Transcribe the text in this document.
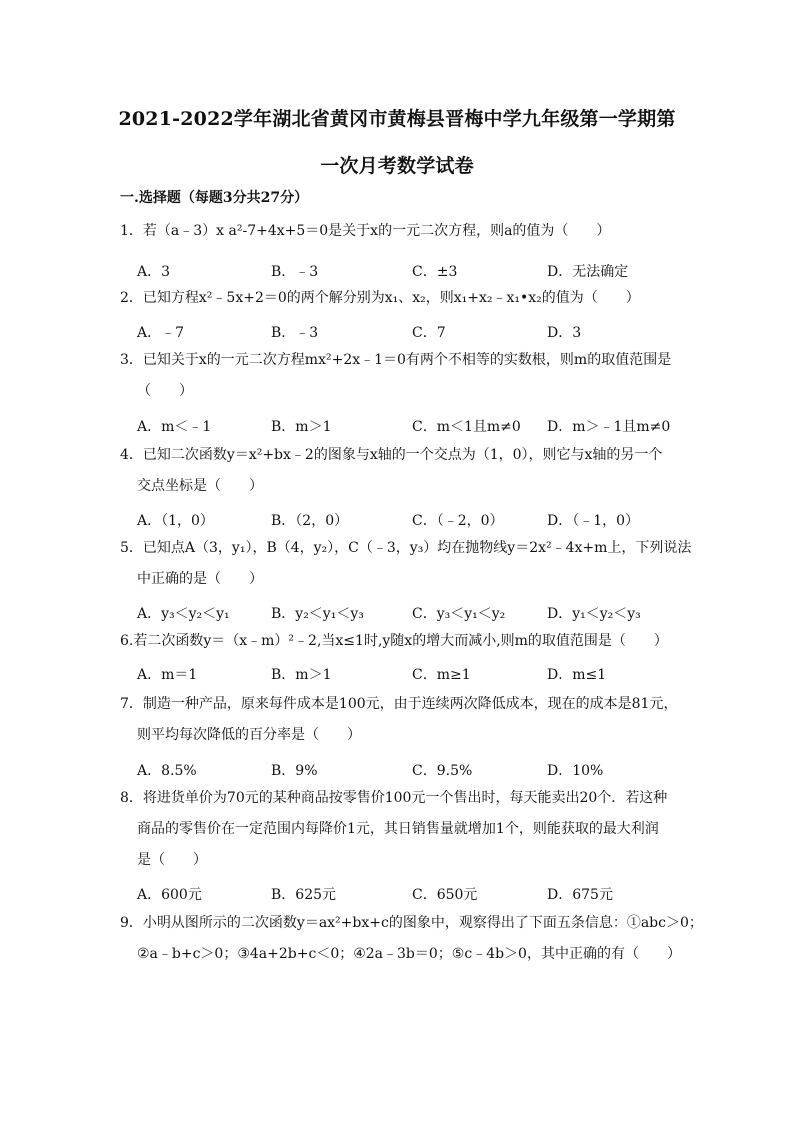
2021-2022学年湖北省黄冈市黄梅县晋梅中学九年级第一学期第
一次月考数学试卷
一.选择题（每题3分共27分）
1．若（a﹣3）x a²-7+4x+5＝0是关于x的一元二次方程，则a的值为（　　）
A．3	B．﹣3	C．±3	D．无法确定
2．已知方程x²﹣5x+2＝0的两个解分别为x₁、x₂，则x₁+x₂﹣x₁•x₂的值为（　　）
A．﹣7	B．﹣3	C．7	D．3
3．已知关于x的一元二次方程mx²+2x﹣1＝0有两个不相等的实数根，则m的取值范围是
（　　）
A．m＜﹣1	B．m＞1	C．m＜1且m≠0 D．m＞﹣1且m≠0
4．已知二次函数y＝x²+bx﹣2的图象与x轴的一个交点为（1，0），则它与x轴的另一个
交点坐标是（　　）
A．（1，0）	B．（2，0）	C．（﹣2，0）	D．（﹣1，0）
5．已知点A（3，y₁），B（4，y₂），C（﹣3，y₃）均在抛物线y＝2x²﹣4x+m上，下列说法
中正确的是（　　）
A．y₃＜y₂＜y₁	B．y₂＜y₁＜y₃	C．y₃＜y₁＜y₂	D．y₁＜y₂＜y₃
6.若二次函数y＝（x﹣m）²﹣2,当x≤1时,y随x的增大而减小,则m的取值范围是（　　）
A．m＝1	B．m＞1	C．m≥1	D．m≤1
7．制造一种产品，原来每件成本是100元，由于连续两次降低成本，现在的成本是81元，
则平均每次降低的百分率是（　　）
A．8.5%	B．9%	C．9.5%	D．10%
8．将进货单价为70元的某种商品按零售价100元一个售出时，每天能卖出20个．若这种
商品的零售价在一定范围内每降价1元，其日销售量就增加1个，则能获取的最大利润
是（　　）
A．600元	B．625元	C．650元	D．675元
9．小明从图所示的二次函数y＝ax²+bx+c的图象中，观察得出了下面五条信息：①abc＞0；
②a﹣b+c＞0；③4a+2b+c＜0；④2a﹣3b＝0；⑤c﹣4b＞0，其中正确的有（　　）
